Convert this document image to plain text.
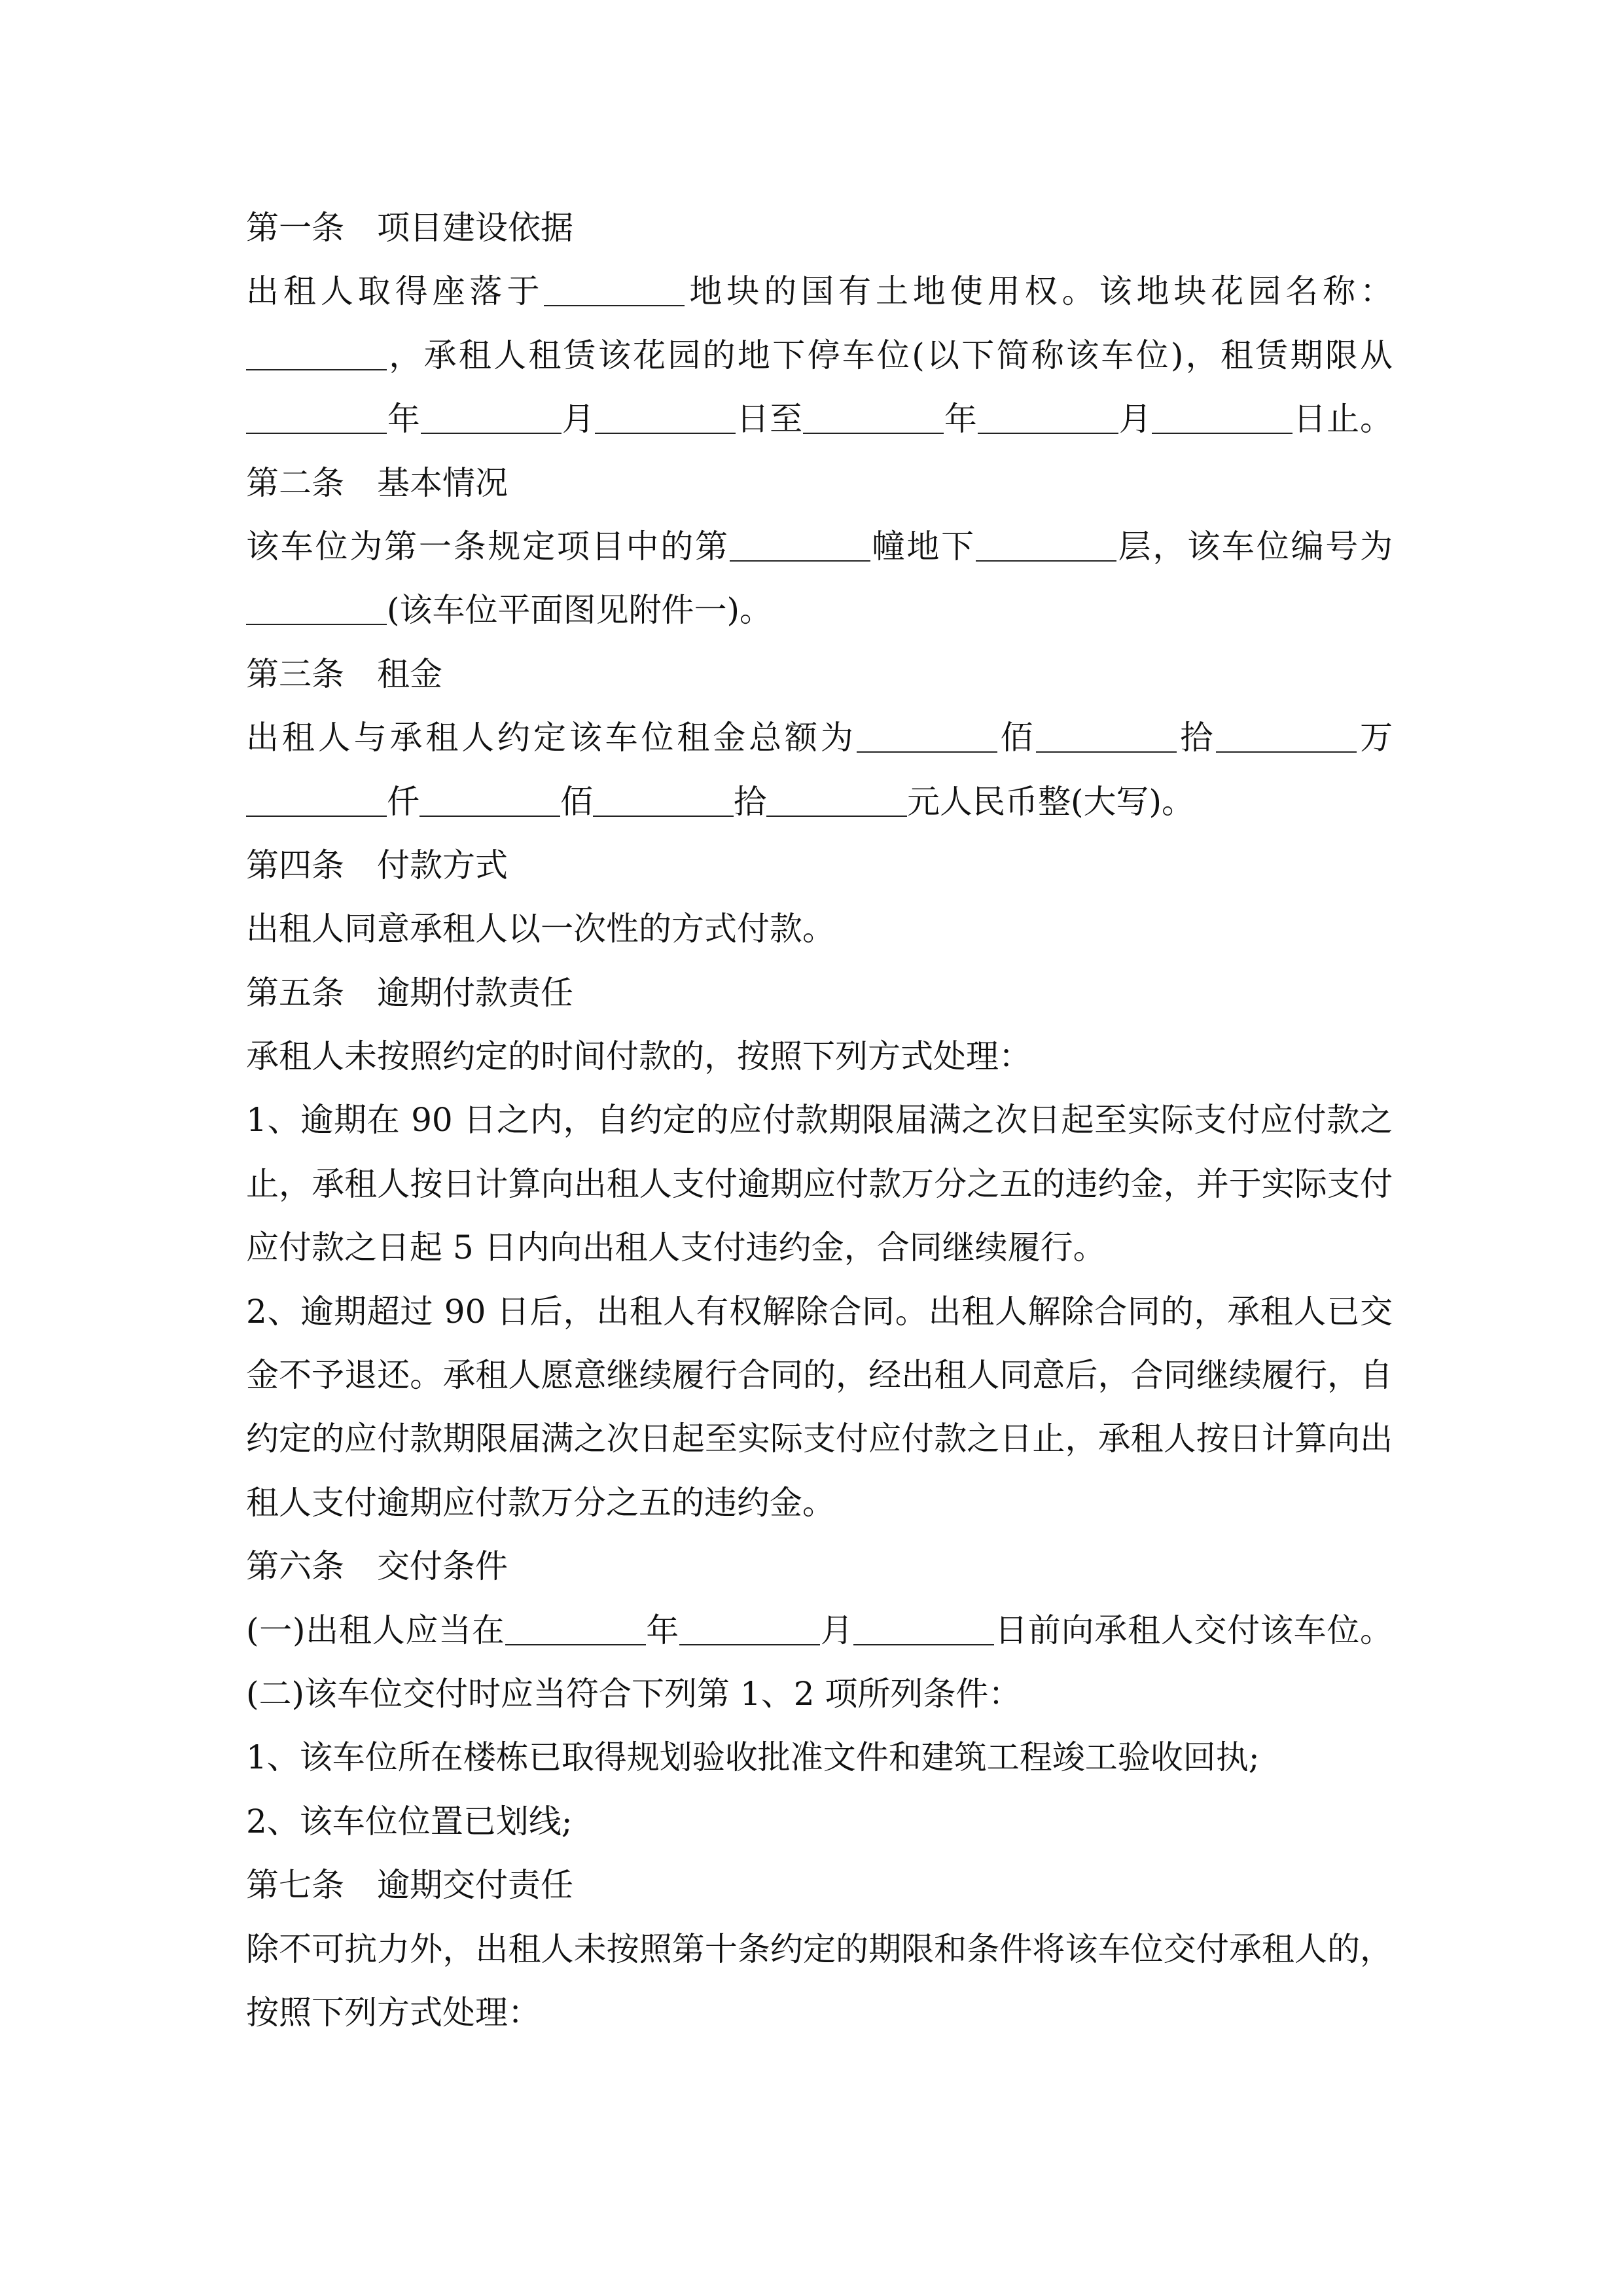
第一条　项目建设依据
出租人取得座落于	地块的国有土地使用权。该地块花园名称：
，承租人租赁该花园的地下停车位(以下简称该车位)，租赁期限从
年	月	日至	年	月	日止。
第二条　基本情况
该车位为第一条规定项目中的第	幢地下	层，该车位编号为
(该车位平面图见附件一)。
第三条　租金
出租人与承租人约定该车位租金总额为	佰	拾	万
仟	佰	拾	元人民币整(大写)。
第四条　付款方式
出租人同意承租人以一次性的方式付款。
第五条　逾期付款责任
承租人未按照约定的时间付款的，按照下列方式处理：
1、逾期在 90 日之内，自约定的应付款期限届满之次日起至实际支付应付款之
止，承租人按日计算向出租人支付逾期应付款万分之五的违约金，并于实际支付
应付款之日起 5 日内向出租人支付违约金，合同继续履行。
2、逾期超过 90 日后，出租人有权解除合同。出租人解除合同的，承租人已交
金不予退还。承租人愿意继续履行合同的，经出租人同意后，合同继续履行，自
约定的应付款期限届满之次日起至实际支付应付款之日止，承租人按日计算向出
租人支付逾期应付款万分之五的违约金。
第六条　交付条件
(一)出租人应当在	年	月	日前向承租人交付该车位。
(二)该车位交付时应当符合下列第 1、2 项所列条件：
1、该车位所在楼栋已取得规划验收批准文件和建筑工程竣工验收回执;
2、该车位位置已划线;
第七条　逾期交付责任
除不可抗力外，出租人未按照第十条约定的期限和条件将该车位交付承租人的，
按照下列方式处理：
